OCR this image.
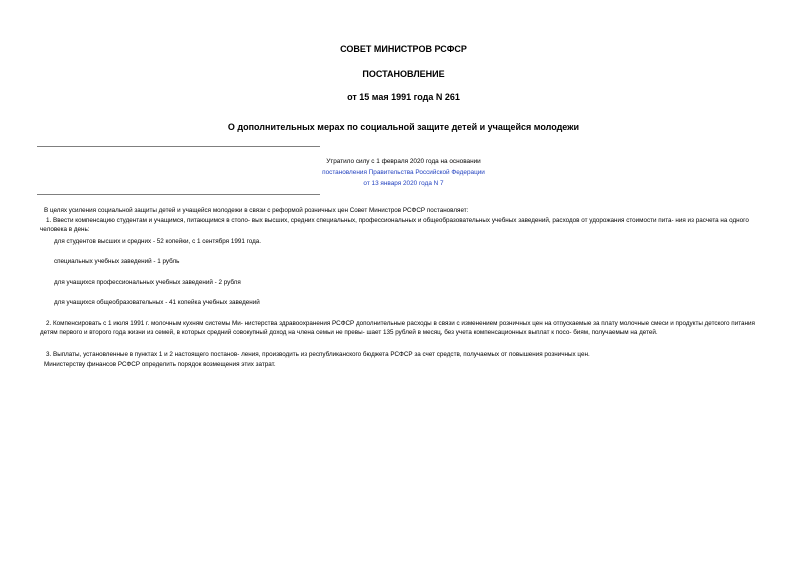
СОВЕТ МИНИСТРОВ РСФСР
ПОСТАНОВЛЕНИЕ
от 15 мая 1991 года N 261
О дополнительных мерах по социальной защите детей и учащейся молодежи
Утратило силу с 1 февраля 2020 года на основании
постановления Правительства Российской Федерации
от 13 января 2020 года N 7
В целях усиления социальной защиты детей и учащейся молодежи в связи с реформой розничных цен Совет Министров РСФСР постановляет:
1. Ввести компенсацию студентам и учащимся, питающимся в столо- вых высших, средних специальных, профессиональных и общеобразовательных учебных заведений, расходов от удорожания стоимости пита- ния из расчета на одного человека в день:
для студентов высших и средних - 52 копейки, с 1 сентября 1991 года.
специальных учебных заведений - 1 рубль
для учащихся профессиональных учебных заведений - 2 рубля
для учащихся общеобразовательных - 41 копейка учебных заведений
2. Компенсировать с 1 июля 1991 г. молочным кухням системы Ми- нистерства здравоохранения РСФСР дополнительные расходы в связи с изменением розничных цен на отпускаемые за плату молочные смеси и продукты детского питания детям первого и второго года жизни из семей, в которых средний совокупный доход на члена семьи не превы- шает 135 рублей в месяц, без учета компенсационных выплат к посо- биям, получаемым на детей.
3. Выплаты, установленные в пунктах 1 и 2 настоящего постанов- ления, производить из республиканского бюджета РСФСР за счет средств, получаемых от повышения розничных цен.
Министерству финансов РСФСР определить порядок возмещения этих затрат.
